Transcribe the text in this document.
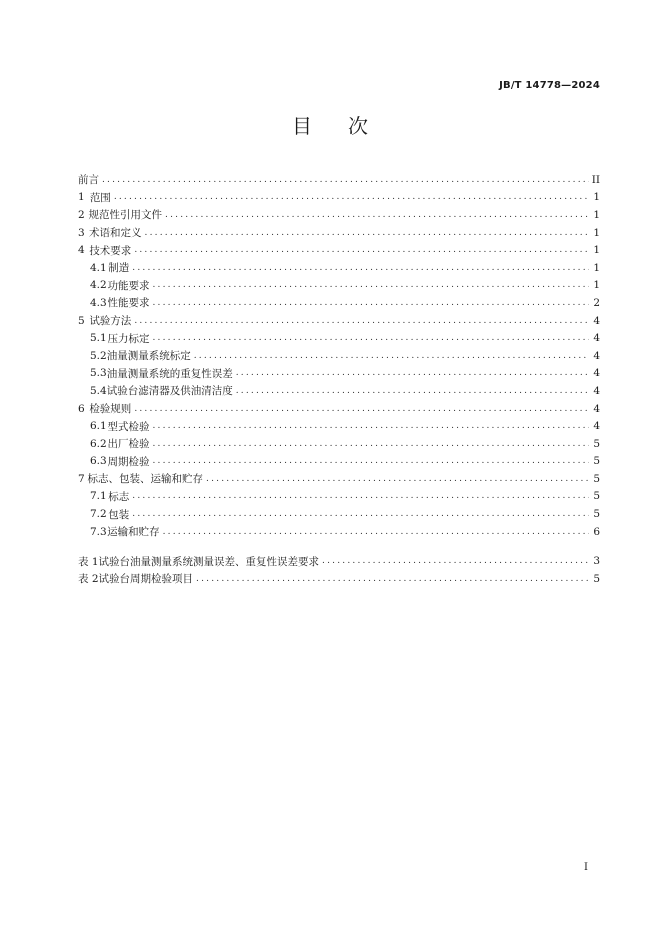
JB/T 14778—2024
目 次
前言 .....	II
1 范围 .....	1
2 规范性引用文件 .....	1
3 术语和定义 .....	1
4 技术要求 .....	1
4.1 制造 .....	1
4.2 功能要求 .....	1
4.3 性能要求 .....	2
5 试验方法 .....	4
5.1 压力标定 .....	4
5.2 油量测量系统标定 .....	4
5.3 油量测量系统的重复性误差 .....	4
5.4 试验台滤清器及供油清洁度 .....	4
6 检验规则 .....	4
6.1 型式检验 .....	4
6.2 出厂检验 .....	5
6.3 周期检验 .....	5
7 标志、包装、运输和贮存 .....	5
7.1 标志 .....	5
7.2 包装 .....	5
7.3 运输和贮存 .....	6
表 1 试验台油量测量系统测量误差、重复性误差要求 .....	3
表 2 试验台周期检验项目 .....	5
I
